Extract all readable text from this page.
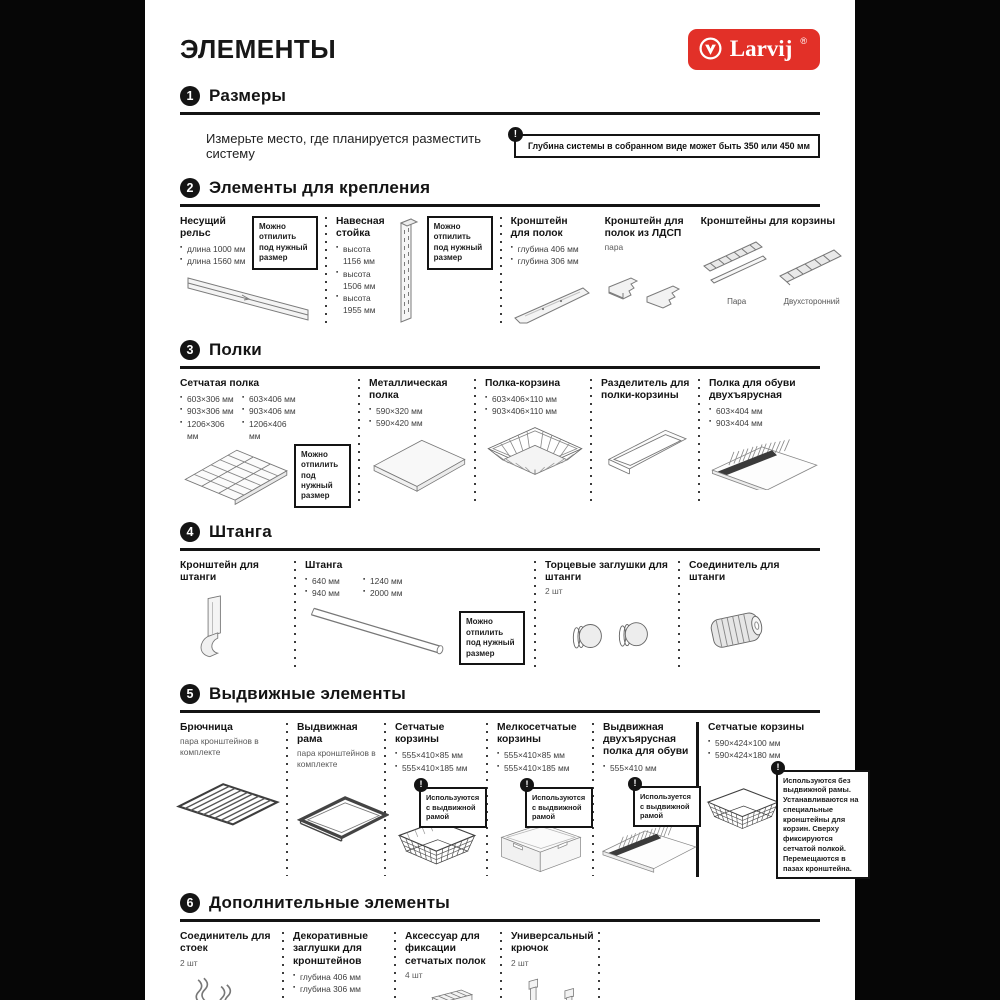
ЭЛЕМЕНТЫ	Larvij ®
1 Размеры
Измерьте место, где планируется разместить систему
!
Глубина системы в собранном виде может быть 350 или 450 мм
2 Элементы для крепления
Несущий рельс
▪ длина 1000 мм
▪ длина 1560 мм
Можно отпилить под нужный размер
Навесная стойка
▪ высота 1156 мм
▪ высота 1506 мм
▪ высота 1955 мм
Можно отпилить под нужный размер
Кронштейн для полок
▪ глубина 406 мм
▪ глубина 306 мм
Кронштейн для полок из ЛДСП
пара
Кронштейны для корзины
Пара	Двухсторонний
3 Полки
Сетчатая полка
▪ 603×306 мм
▪ 903×306 мм
▪ 1206×306 мм
▪ 603×406 мм
▪ 903×406 мм
▪ 1206×406 мм
Можно отпилить под нужный размер
Металлическая полка
▪ 590×320 мм
▪ 590×420 мм
Полка-корзина
▪ 603×406×110 мм
▪ 903×406×110 мм
Разделитель для полки-корзины
Полка для обуви двухъярусная
▪ 603×404 мм
▪ 903×404 мм
4 Штанга
Кронштейн для штанги
Штанга
▪ 640 мм
▪ 940 мм
▪ 1240 мм
▪ 2000 мм
Можно отпилить под нужный размер
Торцевые заглушки для штанги
2 шт
Соединитель для штанги
5 Выдвижные элементы
Брючница
пара кронштейнов в комплекте
Выдвижная рама
пара кронштейнов в комплекте
Сетчатые корзины
▪ 555×410×85 мм
▪ 555×410×185 мм
!
Используются с выдвижной рамой
Мелкосетчатые корзины
▪ 555×410×85 мм
▪ 555×410×185 мм
!
Используются с выдвижной рамой
Выдвижная двухъярусная полка для обуви
▪ 555×410 мм
!
Используется с выдвижной рамой
Сетчатые корзины
▪ 590×424×100 мм
▪ 590×424×180 мм
!
Используются без выдвижной рамы. Устанавливаются на специальные кронштейны для корзин. Сверху фиксируются сетчатой полкой. Перемещаются в пазах кронштейна.
6 Дополнительные элементы
Соединитель для стоек
2 шт
Декоративные заглушки для кронштейнов
▪ глубина 406 мм
▪ глубина 306 мм
Аксессуар для фиксации сетчатых полок
4 шт
Универсальный крючок
2 шт
